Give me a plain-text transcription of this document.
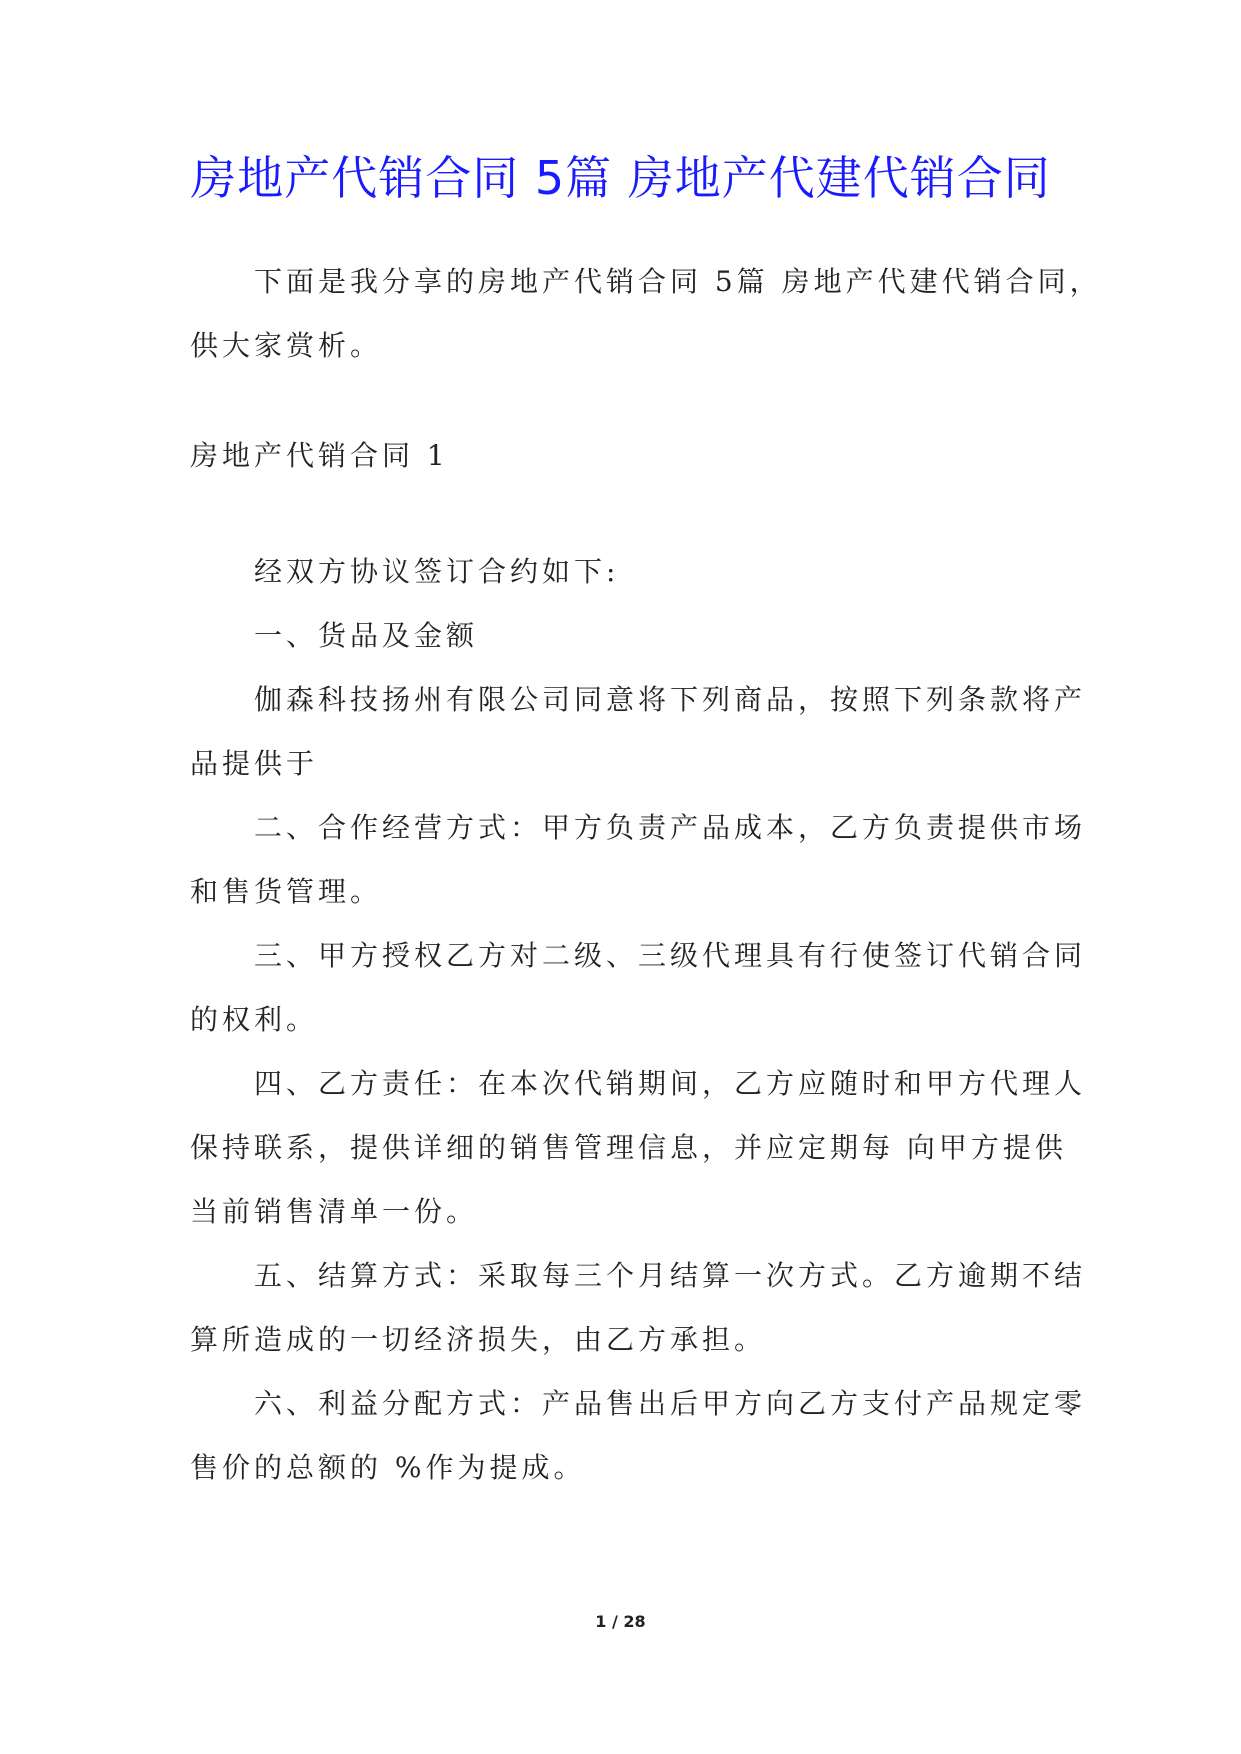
房地产代销合同 5篇 房地产代建代销合同
下面是我分享的房地产代销合同 5篇 房地产代建代销合同，
供大家赏析。
房地产代销合同 1
经双方协议签订合约如下:
一、货品及金额
伽森科技扬州有限公司同意将下列商品，按照下列条款将产
品提供于
二、合作经营方式：甲方负责产品成本，乙方负责提供市场
和售货管理。
三、甲方授权乙方对二级、三级代理具有行使签订代销合同
的权利。
四、乙方责任：在本次代销期间，乙方应随时和甲方代理人
保持联系，提供详细的销售管理信息，并应定期每 向甲方提供
当前销售清单一份。
五、结算方式：采取每三个月结算一次方式。乙方逾期不结
算所造成的一切经济损失，由乙方承担。
六、利益分配方式：产品售出后甲方向乙方支付产品规定零
售价的总额的 %作为提成。
1 / 28
